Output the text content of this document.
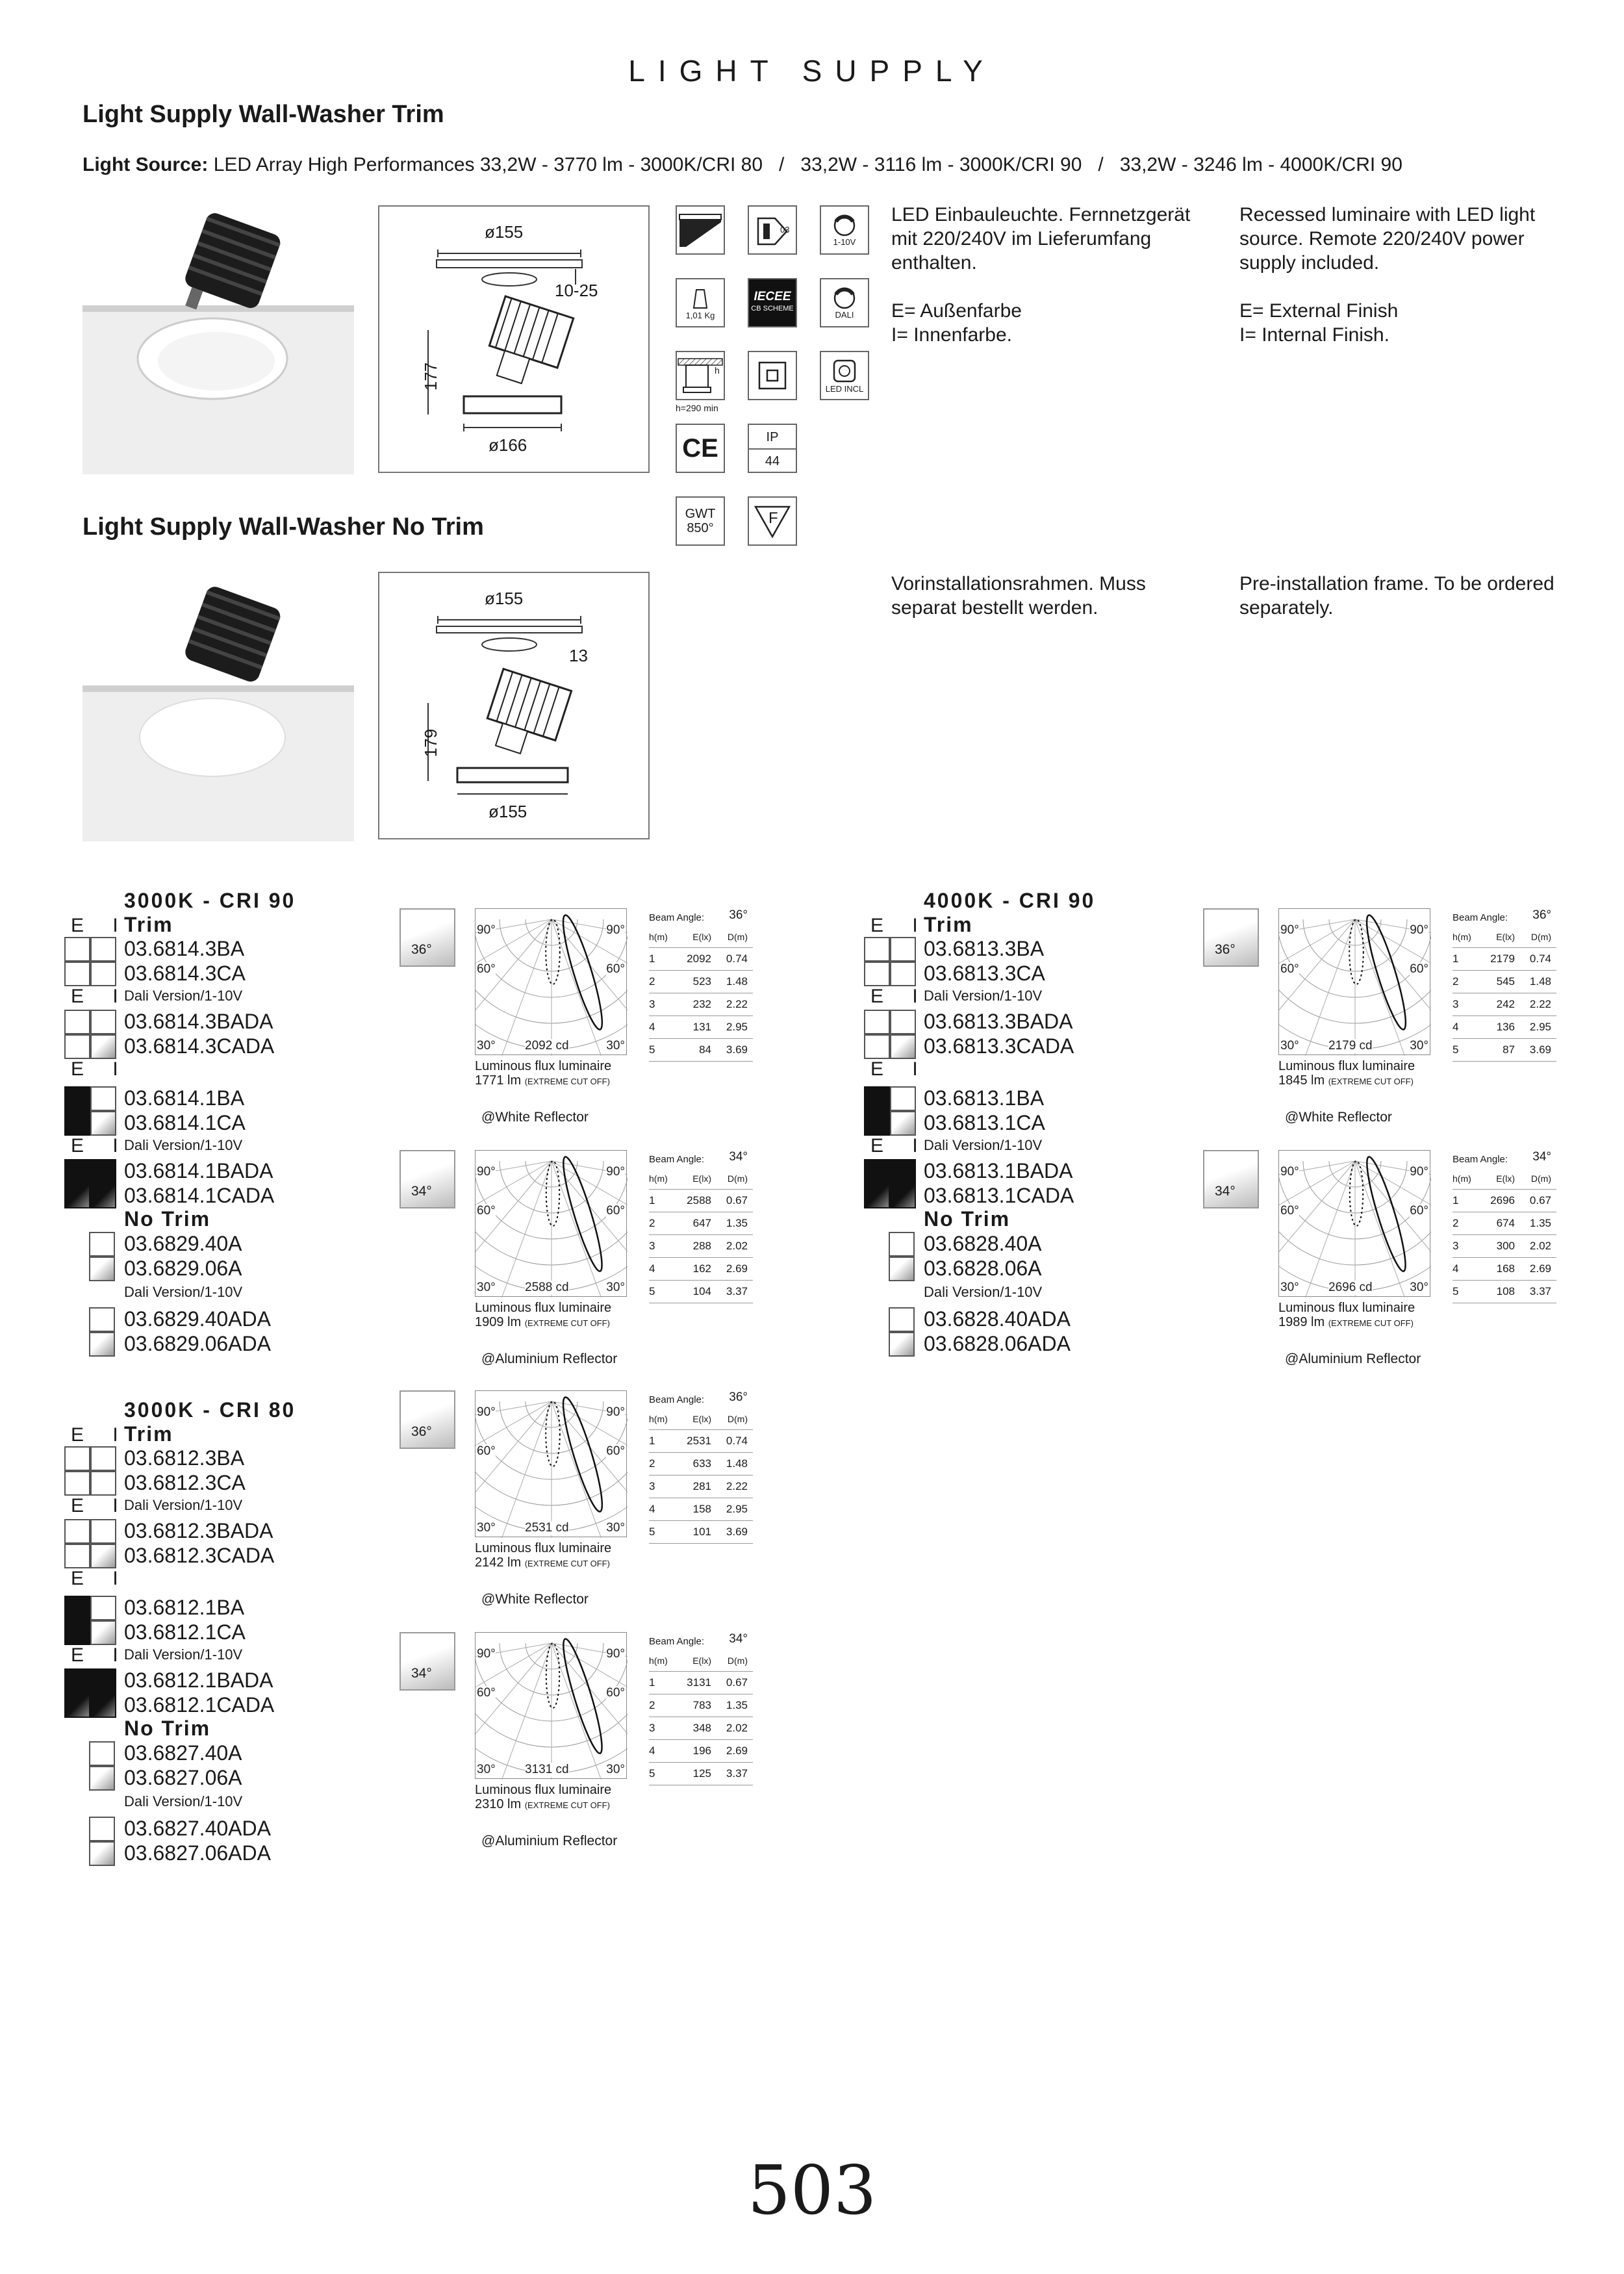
LIGHT SUPPLY
Light Supply Wall-Washer Trim
Light Source: LED Array High Performances 33,2W - 3770 lm - 3000K/CRI 80   /   33,2W - 3116 lm - 3000K/CRI 90   /   33,2W - 3246 lm - 4000K/CRI 90
ø155
10-25
177
ø166
03
1-10V
1,01 Kg
IECEE
CB SCHEME
DALI
h
h=290 min
LED INCL
CE	IP
44
GWT
850°
F
LED Einbauleuchte. Fernnetzgerät
mit 220/240V im Lieferumfang
enthalten.
E= Außenfarbe
I= Innenfarbe.
Recessed luminaire with LED light
source. Remote 220/240V power
supply included.
E= External Finish
I= Internal Finish.
Light Supply Wall-Washer No Trim
ø155
13
179
ø155
Vorinstallationsrahmen. Muss
separat bestellt werden.
Pre-installation frame. To be ordered
separately.
3000K - CRI 90
E I
Trim
03.6814.3BA
03.6814.3CA
E I
Dali Version/1-10V
03.6814.3BADA
03.6814.3CADA
E I
03.6814.1BA
03.6814.1CA
E I
Dali Version/1-10V
03.6814.1BADA
03.6814.1CADA
No Trim
03.6829.40A
03.6829.06A
Dali Version/1-10V
03.6829.40ADA
03.6829.06ADA
4000K - CRI 90
E I
Trim
03.6813.3BA
03.6813.3CA
E I
Dali Version/1-10V
03.6813.3BADA
03.6813.3CADA
E I
03.6813.1BA
03.6813.1CA
E I
Dali Version/1-10V
03.6813.1BADA
03.6813.1CADA
No Trim
03.6828.40A
03.6828.06A
Dali Version/1-10V
03.6828.40ADA
03.6828.06ADA
3000K - CRI 80
E I
Trim
03.6812.3BA
03.6812.3CA
E I
Dali Version/1-10V
03.6812.3BADA
03.6812.3CADA
E I
03.6812.1BA
03.6812.1CA
E I
Dali Version/1-10V
03.6812.1BADA
03.6812.1CADA
No Trim
03.6827.40A
03.6827.06A
Dali Version/1-10V
03.6827.40ADA
03.6827.06ADA
36°
90°	90°
60°	60°
30°	30°
2092 cd
Luminous flux luminaire
1771 lm (EXTREME CUT OFF)
@White Reflector
Beam Angle: 36°
h(m)	E(lx)	D(m)
1	2092	0.74
2	523	1.48
3	232	2.22
4	131	2.95
5	84	3.69
34°
90°	90°
60°	60°
30°	30°
2588 cd
Luminous flux luminaire
1909 lm (EXTREME CUT OFF)
@Aluminium Reflector
Beam Angle: 34°
h(m)	E(lx)	D(m)
1	2588	0.67
2	647	1.35
3	288	2.02
4	162	2.69
5	104	3.37
36°
90°	90°
60°	60°
30°	30°
2179 cd
Luminous flux luminaire
1845 lm (EXTREME CUT OFF)
@White Reflector
Beam Angle: 36°
h(m)	E(lx)	D(m)
1	2179	0.74
2	545	1.48
3	242	2.22
4	136	2.95
5	87	3.69
34°
90°	90°
60°	60°
30°	30°
2696 cd
Luminous flux luminaire
1989 lm (EXTREME CUT OFF)
@Aluminium Reflector
Beam Angle: 34°
h(m)	E(lx)	D(m)
1	2696	0.67
2	674	1.35
3	300	2.02
4	168	2.69
5	108	3.37
36°
90°	90°
60°	60°
30°	30°
2531 cd
Luminous flux luminaire
2142 lm (EXTREME CUT OFF)
@White Reflector
Beam Angle: 36°
h(m)	E(lx)	D(m)
1	2531	0.74
2	633	1.48
3	281	2.22
4	158	2.95
5	101	3.69
34°
90°	90°
60°	60°
30°	30°
3131 cd
Luminous flux luminaire
2310 lm (EXTREME CUT OFF)
@Aluminium Reflector
Beam Angle: 34°
h(m)	E(lx)	D(m)
1	3131	0.67
2	783	1.35
3	348	2.02
4	196	2.69
5	125	3.37
503
